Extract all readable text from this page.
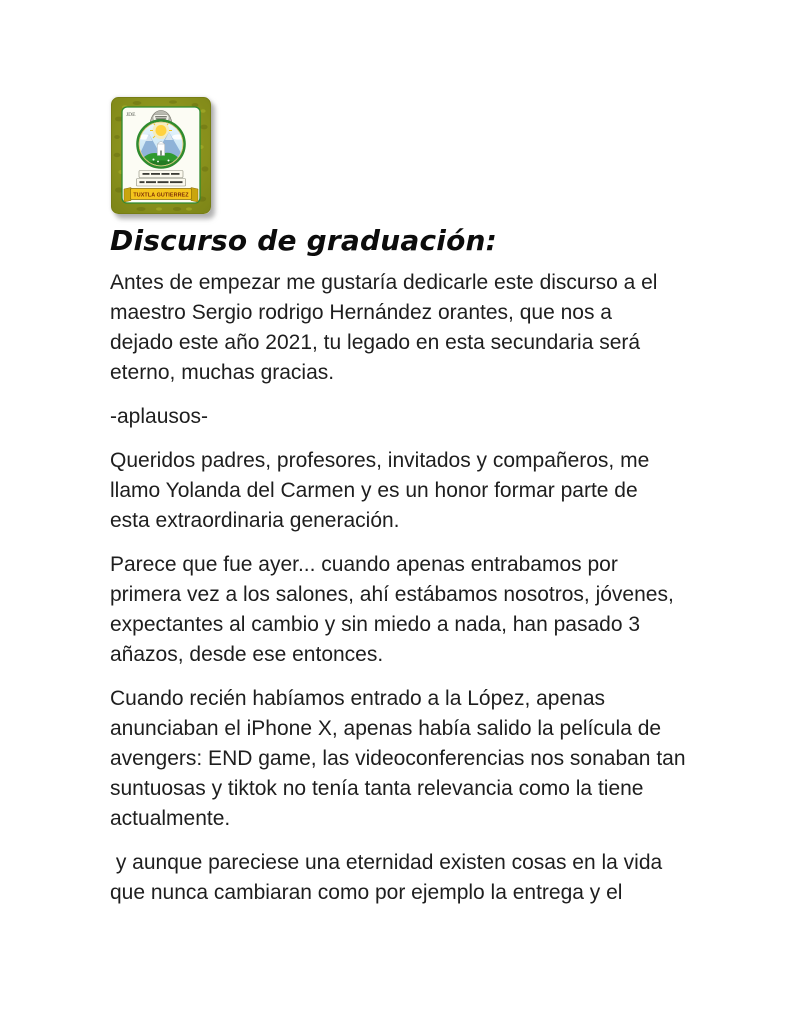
JDE
TUXTLA GUTIERREZ
Discurso de graduación:
Antes de empezar me gustaría dedicarle este discurso a el
maestro Sergio rodrigo Hernández orantes, que nos a
dejado este año 2021, tu legado en esta secundaria será
eterno, muchas gracias.
-aplausos-
Queridos padres, profesores, invitados y compañeros, me
llamo Yolanda del Carmen y es un honor formar parte de
esta extraordinaria generación.
Parece que fue ayer... cuando apenas entrabamos por
primera vez a los salones, ahí estábamos nosotros, jóvenes,
expectantes al cambio y sin miedo a nada, han pasado 3
añazos, desde ese entonces.
Cuando recién habíamos entrado a la López, apenas
anunciaban el iPhone X, apenas había salido la película de
avengers: END game, las videoconferencias nos sonaban tan
suntuosas y tiktok no tenía tanta relevancia como la tiene
actualmente.
y aunque pareciese una eternidad existen cosas en la vida
que nunca cambiaran como por ejemplo la entrega y el
